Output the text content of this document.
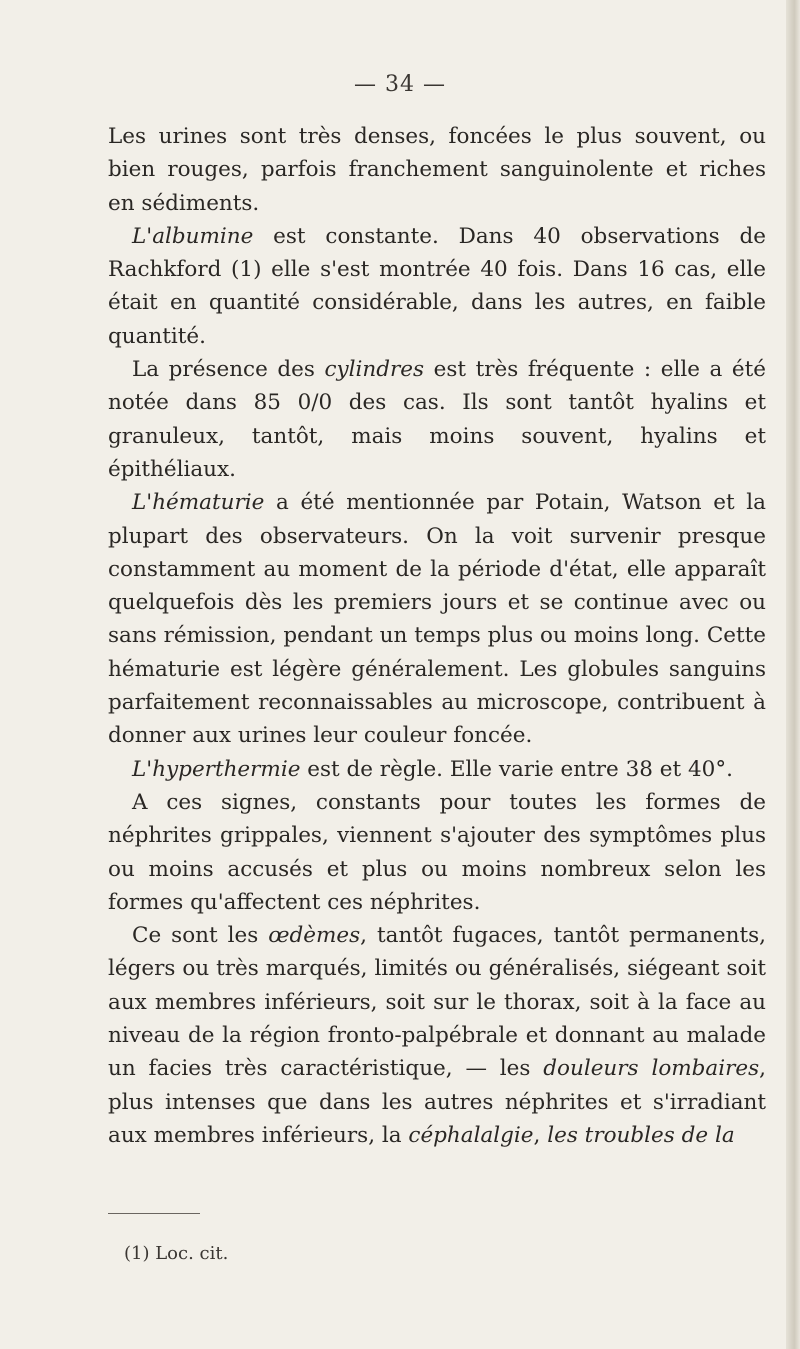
— 34 —

Les urines sont très denses, foncées le plus souvent, ou bien rouges, parfois franchement sanguinolente et riches en sédiments.

L'albumine est constante. Dans 40 observations de Rachkford (1) elle s'est montrée 40 fois. Dans 16 cas, elle était en quantité considérable, dans les autres, en faible quantité.

La présence des cylindres est très fréquente : elle a été notée dans 85 0/0 des cas. Ils sont tantôt hyalins et granuleux, tantôt, mais moins souvent, hyalins et épithéliaux.

L'hématurie a été mentionnée par Potain, Watson et la plupart des observateurs. On la voit survenir presque constamment au moment de la période d'état, elle apparaît quelquefois dès les premiers jours et se continue avec ou sans rémission, pendant un temps plus ou moins long. Cette hématurie est légère généralement. Les globules sanguins parfaitement reconnaissables au microscope, contribuent à donner aux urines leur couleur foncée.

L'hyperthermie est de règle. Elle varie entre 38 et 40°.

A ces signes, constants pour toutes les formes de néphrites grippales, viennent s'ajouter des symptômes plus ou moins accusés et plus ou moins nombreux selon les formes qu'affectent ces néphrites.

Ce sont les œdèmes, tantôt fugaces, tantôt permanents, légers ou très marqués, limités ou généralisés, siégeant soit aux membres inférieurs, soit sur le thorax, soit à la face au niveau de la région fronto-palpébrale et donnant au malade un facies très caractéristique, — les douleurs lombaires, plus intenses que dans les autres néphrites et s'irradiant aux membres inférieurs, la céphalalgie, les troubles de la

(1) Loc. cit.
